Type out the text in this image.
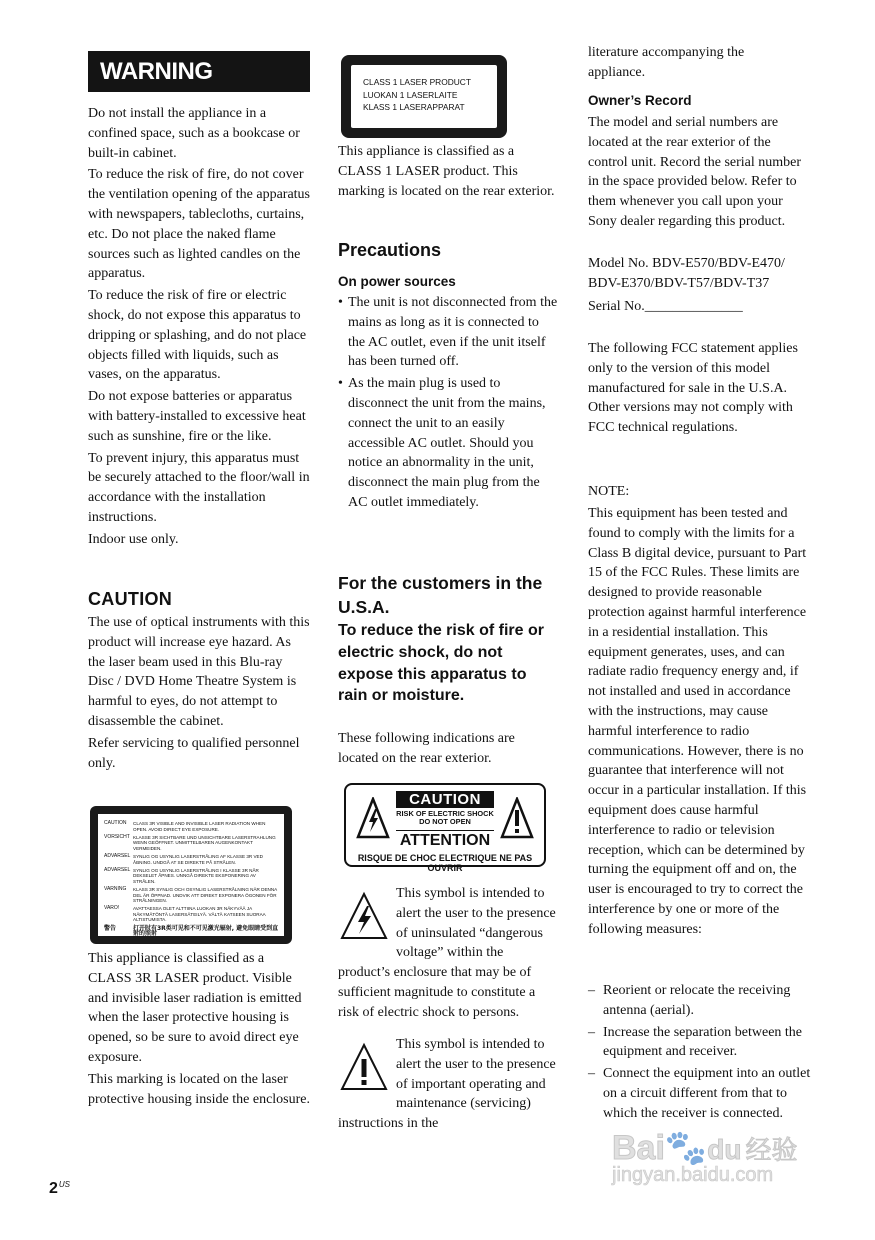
WARNING

Do not install the appliance in a confined space, such as a bookcase or built-in cabinet.

To reduce the risk of fire, do not cover the ventilation opening of the apparatus with newspapers, tablecloths, curtains, etc. Do not place the naked flame sources such as lighted candles on the apparatus.

To reduce the risk of fire or electric shock, do not expose this apparatus to dripping or splashing, and do not place objects filled with liquids, such as vases, on the apparatus.

Do not expose batteries or apparatus with battery-installed to excessive heat such as sunshine, fire or the like.

To prevent injury, this apparatus must be securely attached to the floor/wall in accordance with the installation instructions.

Indoor use only.

CAUTION

The use of optical instruments with this product will increase eye hazard. As the laser beam used in this Blu-ray Disc / DVD Home Theatre System is harmful to eyes, do not attempt to disassemble the cabinet.

Refer servicing to qualified personnel only.

This appliance is classified as a CLASS 3R LASER product. Visible and invisible laser radiation is emitted when the laser protective housing is opened, so be sure to avoid direct eye exposure.

This marking is located on the laser protective housing inside the enclosure.

CAUTION	CLASS 3R VISIBLE AND INVISIBLE LASER RADIATION WHEN OPEN. AVOID DIRECT EYE EXPOSURE.
VORSICHT KLASSE 3R SICHTBARE UND UNSICHTBARE LASERSTRAHLUNG WENN GEÖFFNET. UNMITTELBAREN AUGENKONTAKT VERMEIDEN.
ADVARSEL SYNLIG OG USYNLIG LASERSTRÅLING AF KLASSE 3R VED ÅBNING. UNDGÅ AT SE DIREKTE PÅ STRÅLEN.
ADVARSEL SYNLIG OG USYNLIG LASERSTRÅLING I KLASSE 3R NÅR DEKSELET ÅPNES. UNNGÅ DIREKTE EKSPONERING AV STRÅLEN.
VARNING	KLASS 3R SYNLIG OCH OSYNLIG LASERSTRÅLNING NÄR DENNA DEL ÄR ÖPPNAD. UNDVIK ATT DIREKT EXPONERA ÖGONEN FÖR STRÅLNINGEN.
VARO!	AVATTAESSA OLET ALTTIINA LUOKAN 3R NÄKYVÄÄ JA NÄKYMÄTÖNTÄ LASERSÄTEILYÄ. VÄLTÄ KATSEEN SUORAA ALTISTUMISTA.
警告	打开时有3R类可见和不可见激光辐射, 避免眼睛受到直射的照射
CLASS 1 LASER PRODUCT
LUOKAN 1 LASERLAITE
KLASS 1 LASERAPPARAT

This appliance is classified as a CLASS 1 LASER product. This marking is located on the rear exterior.

Precautions
On power sources
• The unit is not disconnected from the mains as long as it is connected to the AC outlet, even if the unit itself has been turned off.
• As the main plug is used to disconnect the unit from the mains, connect the unit to an easily accessible AC outlet. Should you notice an abnormality in the unit, disconnect the main plug from the AC outlet immediately.
For the customers in the U.S.A.
To reduce the risk of fire or electric shock, do not expose this apparatus to rain or moisture.

These following indications are located on the rear exterior.

CAUTION
RISK OF ELECTRIC SHOCK
DO NOT OPEN
ATTENTION
RISQUE DE CHOC ELECTRIQUE NE PAS OUVRIR
This symbol is intended to alert the user to the presence of uninsulated “dangerous voltage” within the product’s enclosure that may be of sufficient magnitude to constitute a risk of electric shock to persons.
This symbol is intended to alert the user to the presence of important operating and maintenance (servicing) instructions in the

literature accompanying the appliance.

Owner’s Record

The model and serial numbers are located at the rear exterior of the control unit. Record the serial number in the space provided below. Refer to them whenever you call upon your Sony dealer regarding this product.

Model No. BDV-E570/BDV-E470/ BDV-E370/BDV-T57/BDV-T37

Serial No.______________

The following FCC statement applies only to the version of this model manufactured for sale in the U.S.A. Other versions may not comply with FCC technical regulations.

NOTE:

This equipment has been tested and found to comply with the limits for a Class B digital device, pursuant to Part 15 of the FCC Rules. These limits are designed to provide reasonable protection against harmful interference in a residential installation. This equipment generates, uses, and can radiate radio frequency energy and, if not installed and used in accordance with the instructions, may cause harmful interference to radio communications. However, there is no guarantee that interference will not occur in a particular installation. If this equipment does cause harmful interference to radio or television reception, which can be determined by turning the equipment off and on, the user is encouraged to try to correct the interference by one or more of the following measures:

– Reorient or relocate the receiving antenna (aerial).
– Increase the separation between the equipment and receiver.
– Connect the equipment into an outlet on a circuit different from that to which the receiver is connected.
$2^{US}$
Bai🐾du 经验
jingyan.baidu.com
